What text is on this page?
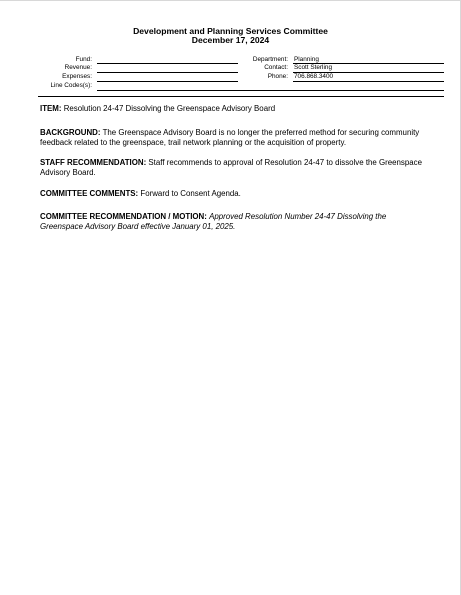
Development and Planning Services Committee
December 17, 2024
Fund:
Revenue:
Expenses:
Department: Planning
Contact: Scott Sterling
Phone: 706.868.3400
Line Codes(s):
ITEM: Resolution 24-47 Dissolving the Greenspace Advisory Board
BACKGROUND: The Greenspace Advisory Board is no longer the preferred method for securing community feedback related to the greenspace, trail network planning or the acquisition of property.
STAFF RECOMMENDATION: Staff recommends to approval of Resolution 24-47 to dissolve the Greenspace Advisory Board.
COMMITTEE COMMENTS: Forward to Consent Agenda.
COMMITTEE RECOMMENDATION / MOTION: Approved Resolution Number 24-47 Dissolving the Greenspace Advisory Board effective January 01, 2025.
